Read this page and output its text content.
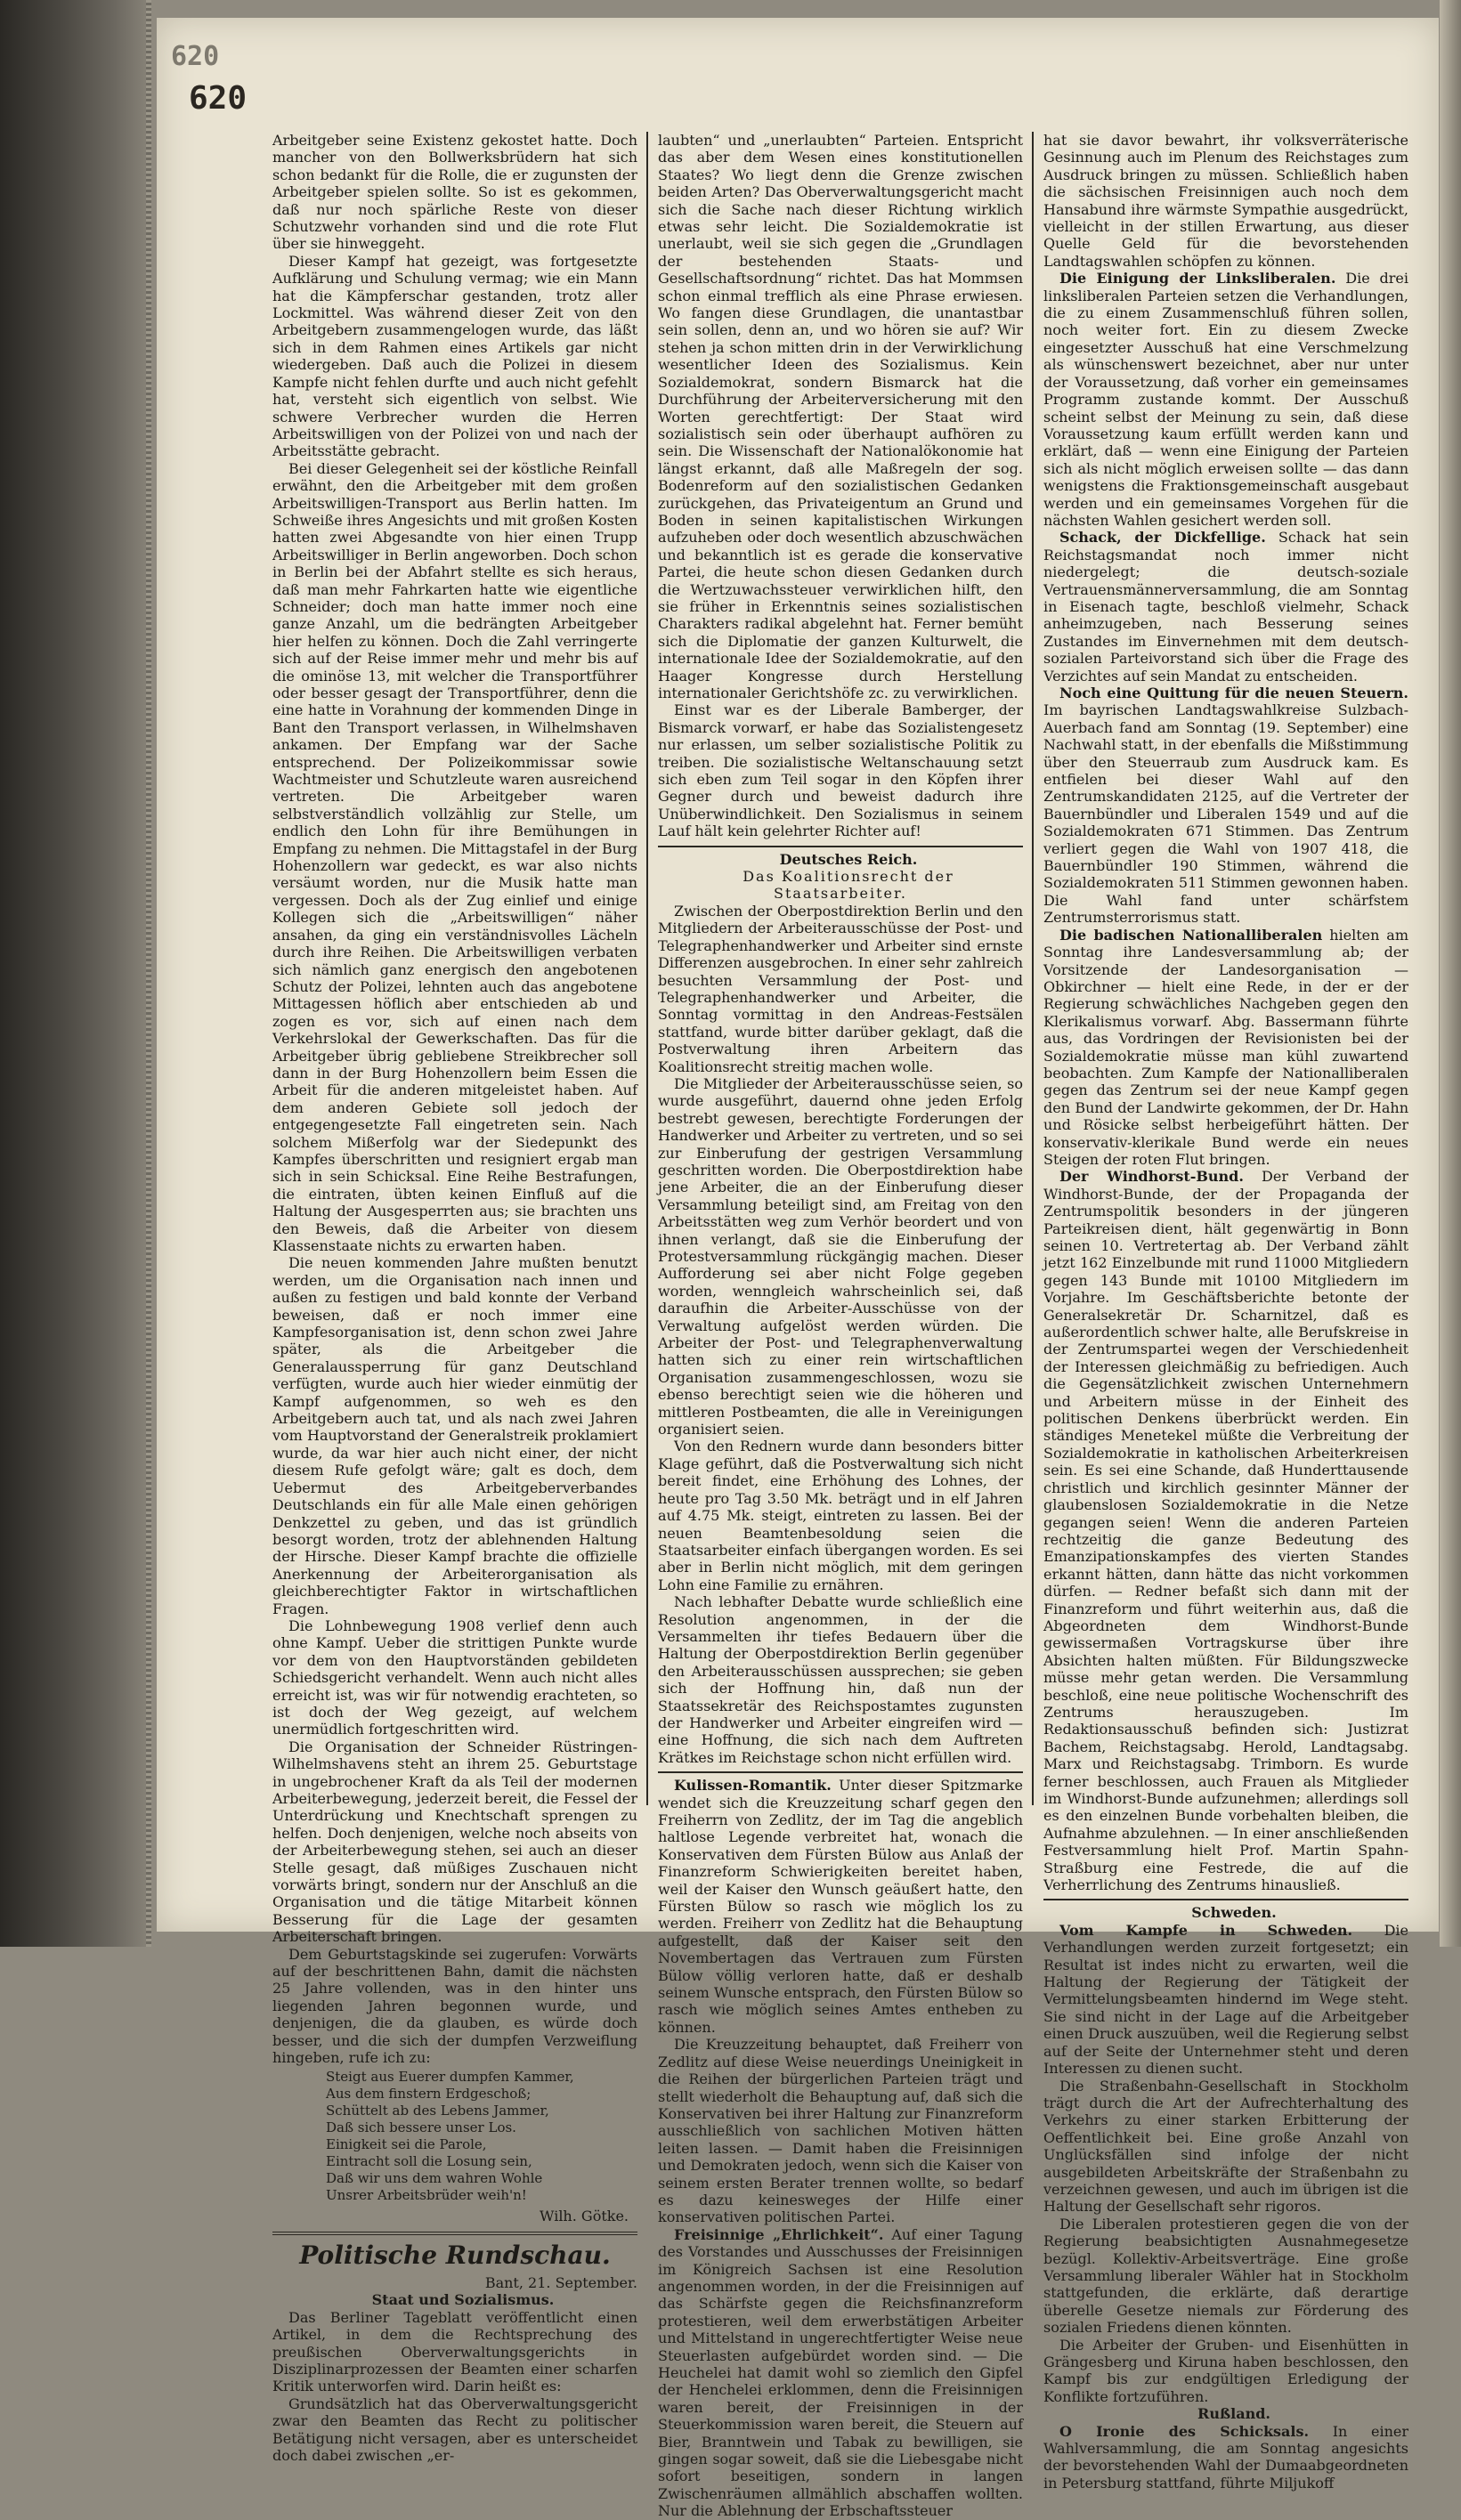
620
620

Arbeitgeber seine Existenz gekostet hatte. Doch mancher von den Bollwerksbrüdern hat sich schon bedankt für die Rolle, die er zugunsten der Arbeitgeber spielen sollte. So ist es gekommen, daß nur noch spärliche Reste von dieser Schutzwehr vorhanden sind und die rote Flut über sie hinweggeht.

Dieser Kampf hat gezeigt, was fortgesetzte Aufklärung und Schulung vermag; wie ein Mann hat die Kämpferschar gestanden, trotz aller Lockmittel. Was während dieser Zeit von den Arbeitgebern zusammengelogen wurde, das läßt sich in dem Rahmen eines Artikels gar nicht wiedergeben. Daß auch die Polizei in diesem Kampfe nicht fehlen durfte und auch nicht gefehlt hat, versteht sich eigentlich von selbst. Wie schwere Verbrecher wurden die Herren Arbeitswilligen von der Polizei von und nach der Arbeitsstätte gebracht.

Bei dieser Gelegenheit sei der köstliche Reinfall erwähnt, den die Arbeitgeber mit dem großen Arbeitswilligen-Transport aus Berlin hatten. Im Schweiße ihres Angesichts und mit großen Kosten hatten zwei Abgesandte von hier einen Trupp Arbeitswilliger in Berlin angeworben. Doch schon in Berlin bei der Abfahrt stellte es sich heraus, daß man mehr Fahrkarten hatte wie eigentliche Schneider; doch man hatte immer noch eine ganze Anzahl, um die bedrängten Arbeitgeber hier helfen zu können. Doch die Zahl verringerte sich auf der Reise immer mehr und mehr bis auf die ominöse 13, mit welcher die Transportführer oder besser gesagt der Transportführer, denn die eine hatte in Vorahnung der kommenden Dinge in Bant den Transport verlassen, in Wilhelmshaven ankamen. Der Empfang war der Sache entsprechend. Der Polizeikommissar sowie Wachtmeister und Schutzleute waren ausreichend vertreten. Die Arbeitgeber waren selbstverständlich vollzählig zur Stelle, um endlich den Lohn für ihre Bemühungen in Empfang zu nehmen. Die Mittagstafel in der Burg Hohenzollern war gedeckt, es war also nichts versäumt worden, nur die Musik hatte man vergessen. Doch als der Zug einlief und einige Kollegen sich die „Arbeitswilligen“ näher ansahen, da ging ein verständnisvolles Lächeln durch ihre Reihen. Die Arbeitswilligen verbaten sich nämlich ganz energisch den angebotenen Schutz der Polizei, lehnten auch das angebotene Mittagessen höflich aber entschieden ab und zogen es vor, sich auf einen nach dem Verkehrslokal der Gewerkschaften. Das für die Arbeitgeber übrig gebliebene Streikbrecher soll dann in der Burg Hohenzollern beim Essen die Arbeit für die anderen mitgeleistet haben. Auf dem anderen Gebiete soll jedoch der entgegengesetzte Fall eingetreten sein. Nach solchem Mißerfolg war der Siedepunkt des Kampfes überschritten und resigniert ergab man sich in sein Schicksal. Eine Reihe Bestrafungen, die eintraten, übten keinen Einfluß auf die Haltung der Ausgesperrten aus; sie brachten uns den Beweis, daß die Arbeiter von diesem Klassenstaate nichts zu erwarten haben.

Die neuen kommenden Jahre mußten benutzt werden, um die Organisation nach innen und außen zu festigen und bald konnte der Verband beweisen, daß er noch immer eine Kampfesorganisation ist, denn schon zwei Jahre später, als die Arbeitgeber die Generalaussperrung für ganz Deutschland verfügten, wurde auch hier wieder einmütig der Kampf aufgenommen, so weh es den Arbeitgebern auch tat, und als nach zwei Jahren vom Hauptvorstand der Generalstreik proklamiert wurde, da war hier auch nicht einer, der nicht diesem Rufe gefolgt wäre; galt es doch, dem Uebermut des Arbeitgeberverbandes Deutschlands ein für alle Male einen gehörigen Denkzettel zu geben, und das ist gründlich besorgt worden, trotz der ablehnenden Haltung der Hirsche. Dieser Kampf brachte die offizielle Anerkennung der Arbeiterorganisation als gleichberechtigter Faktor in wirtschaftlichen Fragen.

Die Lohnbewegung 1908 verlief denn auch ohne Kampf. Ueber die strittigen Punkte wurde vor dem von den Hauptvorständen gebildeten Schiedsgericht verhandelt. Wenn auch nicht alles erreicht ist, was wir für notwendig erachteten, so ist doch der Weg gezeigt, auf welchem unermüdlich fortgeschritten wird.

Die Organisation der Schneider Rüstringen-Wilhelmshavens steht an ihrem 25. Geburtstage in ungebrochener Kraft da als Teil der modernen Arbeiterbewegung, jederzeit bereit, die Fessel der Unterdrückung und Knechtschaft sprengen zu helfen. Doch denjenigen, welche noch abseits von der Arbeiterbewegung stehen, sei auch an dieser Stelle gesagt, daß müßiges Zuschauen nicht vorwärts bringt, sondern nur der Anschluß an die Organisation und die tätige Mitarbeit können Besserung für die Lage der gesamten Arbeiterschaft bringen.

Dem Geburtstagskinde sei zugerufen: Vorwärts auf der beschrittenen Bahn, damit die nächsten 25 Jahre vollenden, was in den hinter uns liegenden Jahren begonnen wurde, und denjenigen, die da glauben, es würde doch besser, und die sich der dumpfen Verzweiflung hingeben, rufe ich zu:

Steigt aus Euerer dumpfen Kammer,
Aus dem finstern Erdgeschoß;
Schüttelt ab des Lebens Jammer,
Daß sich bessere unser Los.
Einigkeit sei die Parole,
Eintracht soll die Losung sein,
Daß wir uns dem wahren Wohle
Unsrer Arbeitsbrüder weih'n!
Wilh. Götke.
Politische Rundschau.

Bant, 21. September.

Staat und Sozialismus.

Das Berliner Tageblatt veröffentlicht einen Artikel, in dem die Rechtsprechung des preußischen Oberverwaltungsgerichts in Disziplinarprozessen der Beamten einer scharfen Kritik unterworfen wird. Darin heißt es:

Grundsätzlich hat das Oberverwaltungsgericht zwar den Beamten das Recht zu politischer Betätigung nicht versagen, aber es unterscheidet doch dabei zwischen „er-

laubten“ und „unerlaubten“ Parteien. Entspricht das aber dem Wesen eines konstitutionellen Staates? Wo liegt denn die Grenze zwischen beiden Arten? Das Oberverwaltungsgericht macht sich die Sache nach dieser Richtung wirklich etwas sehr leicht. Die Sozialdemokratie ist unerlaubt, weil sie sich gegen die „Grundlagen der bestehenden Staats- und Gesellschaftsordnung“ richtet. Das hat Mommsen schon einmal trefflich als eine Phrase erwiesen. Wo fangen diese Grundlagen, die unantastbar sein sollen, denn an, und wo hören sie auf? Wir stehen ja schon mitten drin in der Verwirklichung wesentlicher Ideen des Sozialismus. Kein Sozialdemokrat, sondern Bismarck hat die Durchführung der Arbeiterversicherung mit den Worten gerechtfertigt: Der Staat wird sozialistisch sein oder überhaupt aufhören zu sein. Die Wissenschaft der Nationalökonomie hat längst erkannt, daß alle Maßregeln der sog. Bodenreform auf den sozialistischen Gedanken zurückgehen, das Privateigentum an Grund und Boden in seinen kapitalistischen Wirkungen aufzuheben oder doch wesentlich abzuschwächen und bekanntlich ist es gerade die konservative Partei, die heute schon diesen Gedanken durch die Wertzuwachssteuer verwirklichen hilft, den sie früher in Erkenntnis seines sozialistischen Charakters radikal abgelehnt hat. Ferner bemüht sich die Diplomatie der ganzen Kulturwelt, die internationale Idee der Sozialdemokratie, auf den Haager Kongresse durch Herstellung internationaler Gerichtshöfe zc. zu verwirklichen.

Einst war es der Liberale Bamberger, der Bismarck vorwarf, er habe das Sozialistengesetz nur erlassen, um selber sozialistische Politik zu treiben. Die sozialistische Weltanschauung setzt sich eben zum Teil sogar in den Köpfen ihrer Gegner durch und beweist dadurch ihre Unüberwindlichkeit. Den Sozialismus in seinem Lauf hält kein gelehrter Richter auf!

Deutsches Reich.

Das Koalitionsrecht der Staatsarbeiter.

Zwischen der Oberpostdirektion Berlin und den Mitgliedern der Arbeiterausschüsse der Post- und Telegraphenhandwerker und Arbeiter sind ernste Differenzen ausgebrochen. In einer sehr zahlreich besuchten Versammlung der Post- und Telegraphenhandwerker und Arbeiter, die Sonntag vormittag in den Andreas-Festsälen stattfand, wurde bitter darüber geklagt, daß die Postverwaltung ihren Arbeitern das Koalitionsrecht streitig machen wolle.

Die Mitglieder der Arbeiterausschüsse seien, so wurde ausgeführt, dauernd ohne jeden Erfolg bestrebt gewesen, berechtigte Forderungen der Handwerker und Arbeiter zu vertreten, und so sei zur Einberufung der gestrigen Versammlung geschritten worden. Die Oberpostdirektion habe jene Arbeiter, die an der Einberufung dieser Versammlung beteiligt sind, am Freitag von den Arbeitsstätten weg zum Verhör beordert und von ihnen verlangt, daß sie die Einberufung der Protestversammlung rückgängig machen. Dieser Aufforderung sei aber nicht Folge gegeben worden, wenngleich wahrscheinlich sei, daß daraufhin die Arbeiter-Ausschüsse von der Verwaltung aufgelöst werden würden. Die Arbeiter der Post- und Telegraphenverwaltung hatten sich zu einer rein wirtschaftlichen Organisation zusammengeschlossen, wozu sie ebenso berechtigt seien wie die höheren und mittleren Postbeamten, die alle in Vereinigungen organisiert seien.

Von den Rednern wurde dann besonders bitter Klage geführt, daß die Postverwaltung sich nicht bereit findet, eine Erhöhung des Lohnes, der heute pro Tag 3.50 Mk. beträgt und in elf Jahren auf 4.75 Mk. steigt, eintreten zu lassen. Bei der neuen Beamtenbesoldung seien die Staatsarbeiter einfach übergangen worden. Es sei aber in Berlin nicht möglich, mit dem geringen Lohn eine Familie zu ernähren.

Nach lebhafter Debatte wurde schließlich eine Resolution angenommen, in der die Versammelten ihr tiefes Bedauern über die Haltung der Oberpostdirektion Berlin gegenüber den Arbeiterausschüssen aussprechen; sie geben sich der Hoffnung hin, daß nun der Staatssekretär des Reichspostamtes zugunsten der Handwerker und Arbeiter eingreifen wird — eine Hoffnung, die sich nach dem Auftreten Krätkes im Reichstage schon nicht erfüllen wird.

Kulissen-Romantik. Unter dieser Spitzmarke wendet sich die Kreuzzeitung scharf gegen den Freiherrn von Zedlitz, der im Tag die angeblich haltlose Legende verbreitet hat, wonach die Konservativen dem Fürsten Bülow aus Anlaß der Finanzreform Schwierigkeiten bereitet haben, weil der Kaiser den Wunsch geäußert hatte, den Fürsten Bülow so rasch wie möglich los zu werden. Freiherr von Zedlitz hat die Behauptung aufgestellt, daß der Kaiser seit den Novembertagen das Vertrauen zum Fürsten Bülow völlig verloren hatte, daß er deshalb seinem Wunsche entsprach, den Fürsten Bülow so rasch wie möglich seines Amtes entheben zu können.

Die Kreuzzeitung behauptet, daß Freiherr von Zedlitz auf diese Weise neuerdings Uneinigkeit in die Reihen der bürgerlichen Parteien trägt und stellt wiederholt die Behauptung auf, daß sich die Konservativen bei ihrer Haltung zur Finanzreform ausschließlich von sachlichen Motiven hätten leiten lassen. — Damit haben die Freisinnigen und Demokraten jedoch, wenn sich die Kaiser von seinem ersten Berater trennen wollte, so bedarf es dazu keinesweges der Hilfe einer konservativen politischen Partei.

Freisinnige „Ehrlichkeit“. Auf einer Tagung des Vorstandes und Ausschusses der Freisinnigen im Königreich Sachsen ist eine Resolution angenommen worden, in der die Freisinnigen auf das Schärfste gegen die Reichsfinanzreform protestieren, weil dem erwerbstätigen Arbeiter und Mittelstand in ungerechtfertigter Weise neue Steuerlasten aufgebürdet worden sind. — Die Heuchelei hat damit wohl so ziemlich den Gipfel der Henchelei erklommen, denn die Freisinnigen waren bereit, der Freisinnigen in der Steuerkommission waren bereit, die Steuern auf Bier, Branntwein und Tabak zu bewilligen, sie gingen sogar soweit, daß sie die Liebesgabe nicht sofort beseitigen, sondern in langen Zwischenräumen allmählich abschaffen wollten. Nur die Ablehnung der Erbschaftssteuer

hat sie davor bewahrt, ihr volksverräterische Gesinnung auch im Plenum des Reichstages zum Ausdruck bringen zu müssen. Schließlich haben die sächsischen Freisinnigen auch noch dem Hansabund ihre wärmste Sympathie ausgedrückt, vielleicht in der stillen Erwartung, aus dieser Quelle Geld für die bevorstehenden Landtagswahlen schöpfen zu können.

Die Einigung der Linksliberalen. Die drei linksliberalen Parteien setzen die Verhandlungen, die zu einem Zusammenschluß führen sollen, noch weiter fort. Ein zu diesem Zwecke eingesetzter Ausschuß hat eine Verschmelzung als wünschenswert bezeichnet, aber nur unter der Voraussetzung, daß vorher ein gemeinsames Programm zustande kommt. Der Ausschuß scheint selbst der Meinung zu sein, daß diese Voraussetzung kaum erfüllt werden kann und erklärt, daß — wenn eine Einigung der Parteien sich als nicht möglich erweisen sollte — das dann wenigstens die Fraktionsgemeinschaft ausgebaut werden und ein gemeinsames Vorgehen für die nächsten Wahlen gesichert werden soll.

Schack, der Dickfellige. Schack hat sein Reichstagsmandat noch immer nicht niedergelegt; die deutsch-soziale Vertrauensmännerversammlung, die am Sonntag in Eisenach tagte, beschloß vielmehr, Schack anheimzugeben, nach Besserung seines Zustandes im Einvernehmen mit dem deutsch-sozialen Parteivorstand sich über die Frage des Verzichtes auf sein Mandat zu entscheiden.

Noch eine Quittung für die neuen Steuern. Im bayrischen Landtagswahlkreise Sulzbach-Auerbach fand am Sonntag (19. September) eine Nachwahl statt, in der ebenfalls die Mißstimmung über den Steuerraub zum Ausdruck kam. Es entfielen bei dieser Wahl auf den Zentrumskandidaten 2125, auf die Vertreter der Bauernbündler und Liberalen 1549 und auf die Sozialdemokraten 671 Stimmen. Das Zentrum verliert gegen die Wahl von 1907 418, die Bauernbündler 190 Stimmen, während die Sozialdemokraten 511 Stimmen gewonnen haben. Die Wahl fand unter schärfstem Zentrumsterrorismus statt.

Die badischen Nationalliberalen hielten am Sonntag ihre Landesversammlung ab; der Vorsitzende der Landesorganisation — Obkirchner — hielt eine Rede, in der er der Regierung schwächliches Nachgeben gegen den Klerikalismus vorwarf. Abg. Bassermann führte aus, das Vordringen der Revisionisten bei der Sozialdemokratie müsse man kühl zuwartend beobachten. Zum Kampfe der Nationalliberalen gegen das Zentrum sei der neue Kampf gegen den Bund der Landwirte gekommen, der Dr. Hahn und Rösicke selbst herbeigeführt hätten. Der konservativ-klerikale Bund werde ein neues Steigen der roten Flut bringen.

Der Windhorst-Bund. Der Verband der Windhorst-Bunde, der der Propaganda der Zentrumspolitik besonders in der jüngeren Parteikreisen dient, hält gegenwärtig in Bonn seinen 10. Vertretertag ab. Der Verband zählt jetzt 162 Einzelbunde mit rund 11000 Mitgliedern gegen 143 Bunde mit 10100 Mitgliedern im Vorjahre. Im Geschäftsberichte betonte der Generalsekretär Dr. Scharnitzel, daß es außerordentlich schwer halte, alle Berufskreise in der Zentrumspartei wegen der Verschiedenheit der Interessen gleichmäßig zu befriedigen. Auch die Gegensätzlichkeit zwischen Unternehmern und Arbeitern müsse in der Einheit des politischen Denkens überbrückt werden. Ein ständiges Menetekel müßte die Verbreitung der Sozialdemokratie in katholischen Arbeiterkreisen sein. Es sei eine Schande, daß Hunderttausende christlich und kirchlich gesinnter Männer der glaubenslosen Sozialdemokratie in die Netze gegangen seien! Wenn die anderen Parteien rechtzeitig die ganze Bedeutung des Emanzipationskampfes des vierten Standes erkannt hätten, dann hätte das nicht vorkommen dürfen. — Redner befaßt sich dann mit der Finanzreform und führt weiterhin aus, daß die Abgeordneten dem Windhorst-Bunde gewissermaßen Vortragskurse über ihre Absichten halten müßten. Für Bildungszwecke müsse mehr getan werden. Die Versammlung beschloß, eine neue politische Wochenschrift des Zentrums herauszugeben. Im Redaktionsausschuß befinden sich: Justizrat Bachem, Reichstagsabg. Herold, Landtagsabg. Marx und Reichstagsabg. Trimborn. Es wurde ferner beschlossen, auch Frauen als Mitglieder im Windhorst-Bunde aufzunehmen; allerdings soll es den einzelnen Bunde vorbehalten bleiben, die Aufnahme abzulehnen. — In einer anschließenden Festversammlung hielt Prof. Martin Spahn-Straßburg eine Festrede, die auf die Verherrlichung des Zentrums hinausließ.

Schweden.

Vom Kampfe in Schweden. Die Verhandlungen werden zurzeit fortgesetzt; ein Resultat ist indes nicht zu erwarten, weil die Haltung der Regierung der Tätigkeit der Vermittelungsbeamten hindernd im Wege steht. Sie sind nicht in der Lage auf die Arbeitgeber einen Druck auszuüben, weil die Regierung selbst auf der Seite der Unternehmer steht und deren Interessen zu dienen sucht.

Die Straßenbahn-Gesellschaft in Stockholm trägt durch die Art der Aufrechterhaltung des Verkehrs zu einer starken Erbitterung der Oeffentlichkeit bei. Eine große Anzahl von Unglücksfällen sind infolge der nicht ausgebildeten Arbeitskräfte der Straßenbahn zu verzeichnen gewesen, und auch im übrigen ist die Haltung der Gesellschaft sehr rigoros.

Die Liberalen protestieren gegen die von der Regierung beabsichtigten Ausnahmegesetze bezügl. Kollektiv-Arbeitsverträge. Eine große Versammlung liberaler Wähler hat in Stockholm stattgefunden, die erklärte, daß derartige überelle Gesetze niemals zur Förderung des sozialen Friedens dienen könnten.

Die Arbeiter der Gruben- und Eisenhütten in Grängesberg und Kiruna haben beschlossen, den Kampf bis zur endgültigen Erledigung der Konflikte fortzuführen.

Rußland.

O Ironie des Schicksals. In einer Wahlversammlung, die am Sonntag angesichts der bevorstehenden Wahl der Dumaabgeordneten in Petersburg stattfand, führte Miljukoff
